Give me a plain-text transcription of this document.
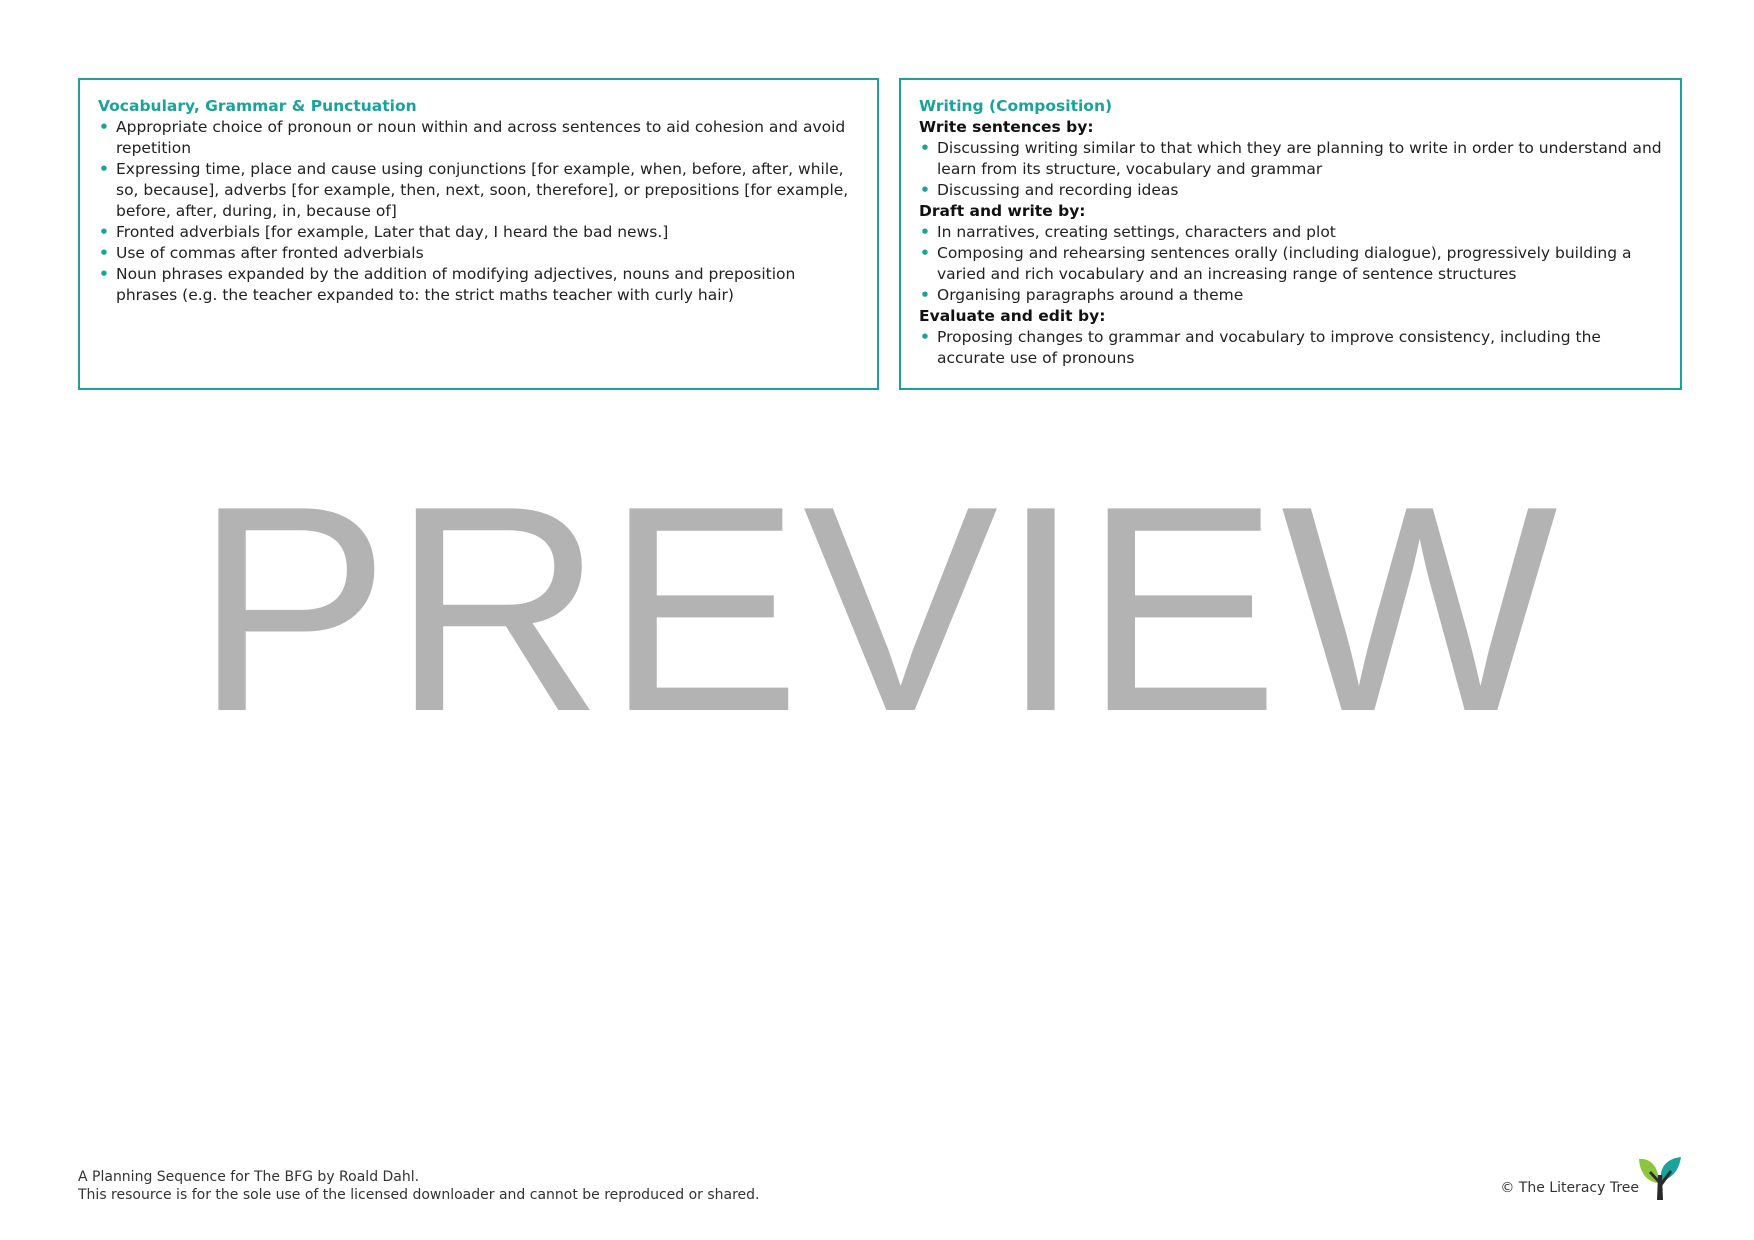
Vocabulary, Grammar & Punctuation
• Appropriate choice of pronoun or noun within and across sentences to aid cohesion and avoid repetition
• Expressing time, place and cause using conjunctions [for example, when, before, after, while, so, because], adverbs [for example, then, next, soon, therefore], or prepositions [for example, before, after, during, in, because of]
• Fronted adverbials [for example, Later that day, I heard the bad news.]
• Use of commas after fronted adverbials
• Noun phrases expanded by the addition of modifying adjectives, nouns and preposition phrases (e.g. the teacher expanded to: the strict maths teacher with curly hair)
Writing (Composition)
Write sentences by:
• Discussing writing similar to that which they are planning to write in order to understand and learn from its structure, vocabulary and grammar
• Discussing and recording ideas
Draft and write by:
• In narratives, creating settings, characters and plot
• Composing and rehearsing sentences orally (including dialogue), progressively building a varied and rich vocabulary and an increasing range of sentence structures
• Organising paragraphs around a theme
Evaluate and edit by:
• Proposing changes to grammar and vocabulary to improve consistency, including the accurate use of pronouns
PREVIEW
A Planning Sequence for The BFG by Roald Dahl.
This resource is for the sole use of the licensed downloader and cannot be reproduced or shared.	© The Literacy Tree
